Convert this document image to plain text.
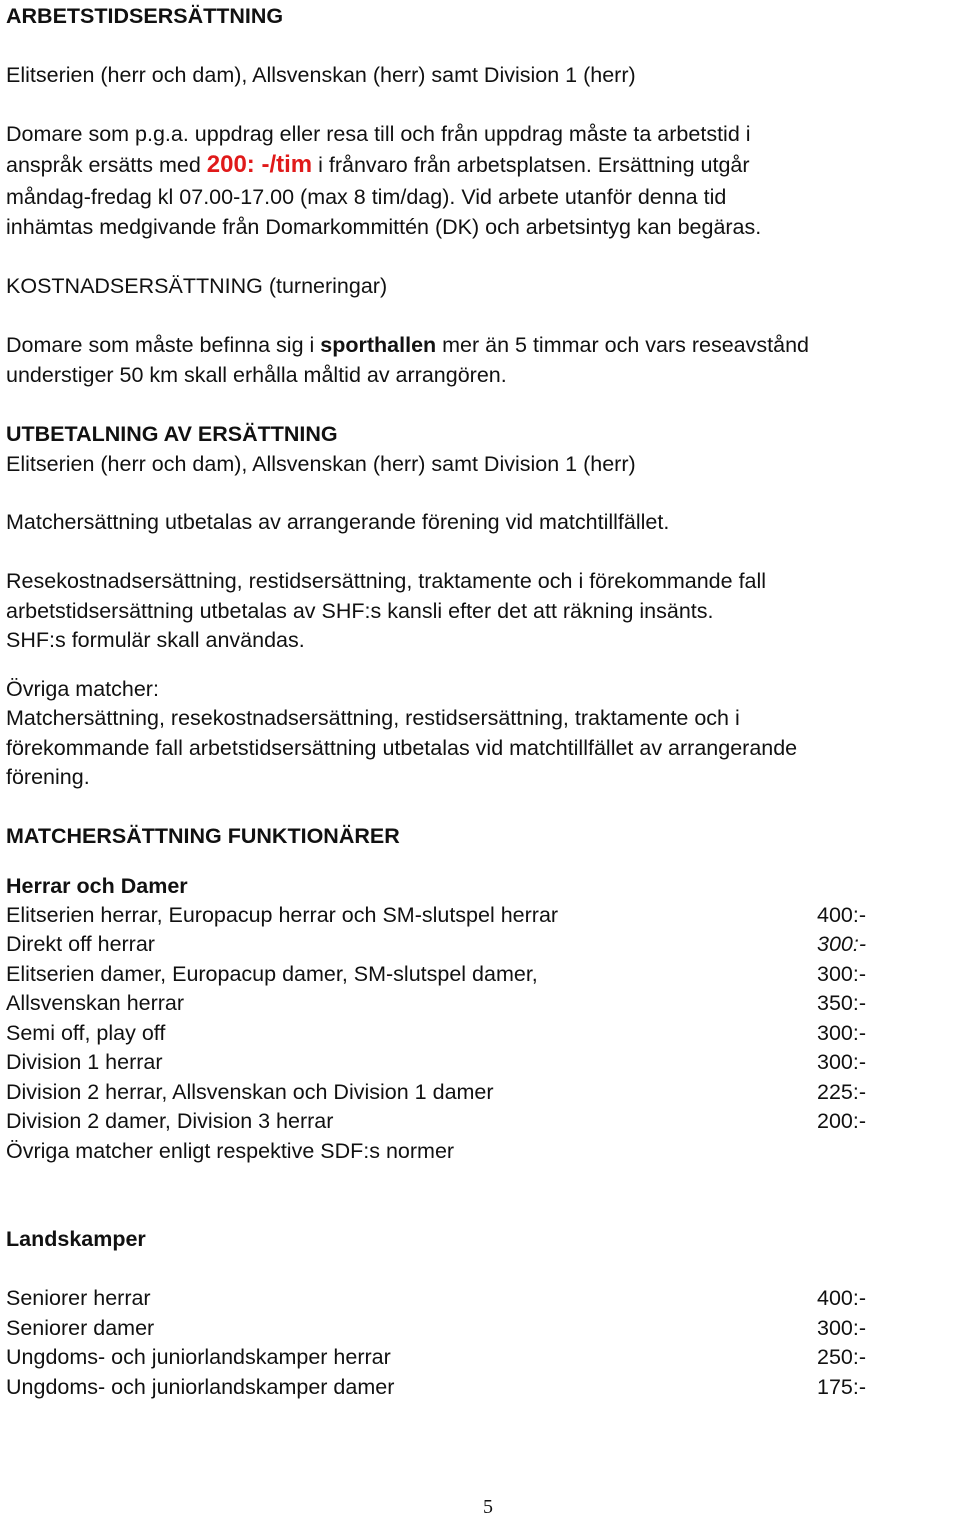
ARBETSTIDSERSÄTTNING
Elitserien (herr och dam), Allsvenskan (herr) samt Division 1 (herr)
Domare som p.g.a. uppdrag eller resa till och från uppdrag måste ta arbetstid i
anspråk ersätts med 200: -/tim i frånvaro från arbetsplatsen. Ersättning utgår
måndag-fredag kl 07.00-17.00 (max 8 tim/dag). Vid arbete utanför denna tid
inhämtas medgivande från Domarkommittén (DK) och arbetsintyg kan begäras.
KOSTNADSERSÄTTNING (turneringar)
Domare som måste befinna sig i sporthallen mer än 5 timmar och vars reseavstånd
understiger 50 km skall erhålla måltid av arrangören.
UTBETALNING AV ERSÄTTNING
Elitserien (herr och dam), Allsvenskan (herr) samt Division 1 (herr)
Matchersättning utbetalas av arrangerande förening vid matchtillfället.
Resekostnadsersättning, restidsersättning, traktamente och i förekommande fall
arbetstidsersättning utbetalas av SHF:s kansli efter det att räkning insänts.
SHF:s formulär skall användas.
Övriga matcher:
Matchersättning, resekostnadsersättning, restidsersättning, traktamente och i
förekommande fall arbetstidsersättning utbetalas vid matchtillfället av arrangerande
förening.
MATCHERSÄTTNING FUNKTIONÄRER
Herrar och Damer
Elitserien herrar, Europacup herrar och SM-slutspel herrar	400:-
Direkt off herrar	300:-
Elitserien damer, Europacup damer, SM-slutspel damer,	300:-
Allsvenskan herrar	350:-
Semi off, play off	300:-
Division 1 herrar	300:-
Division 2 herrar, Allsvenskan och Division 1 damer	225:-
Division 2 damer, Division 3 herrar	200:-
Övriga matcher enligt respektive SDF:s normer
Landskamper
Seniorer herrar	400:-
Seniorer damer	300:-
Ungdoms- och juniorlandskamper herrar	250:-
Ungdoms- och juniorlandskamper damer	175:-
5
